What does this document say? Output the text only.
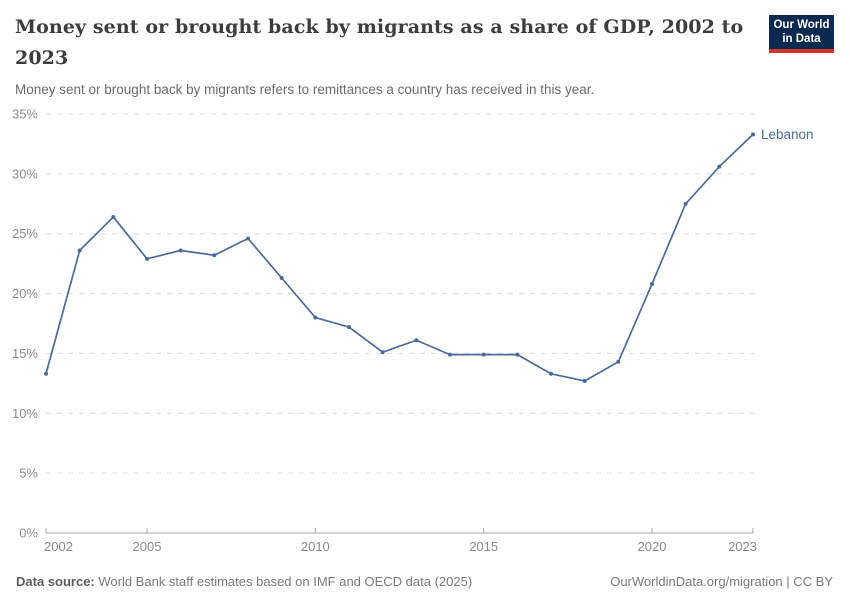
Money sent or brought back by migrants as a share of GDP, 2002 to 2023

Money sent or brought back by migrants refers to remittances a country has received in this year.

Our World
in Data
0%
5%
10%
15%
20%
25%
30%
35%
2002	2005	2010	2015	2020	2023
Lebanon
Data source: World Bank staff estimates based on IMF and OECD data (2025)	OurWorldinData.org/migration | CC BY
